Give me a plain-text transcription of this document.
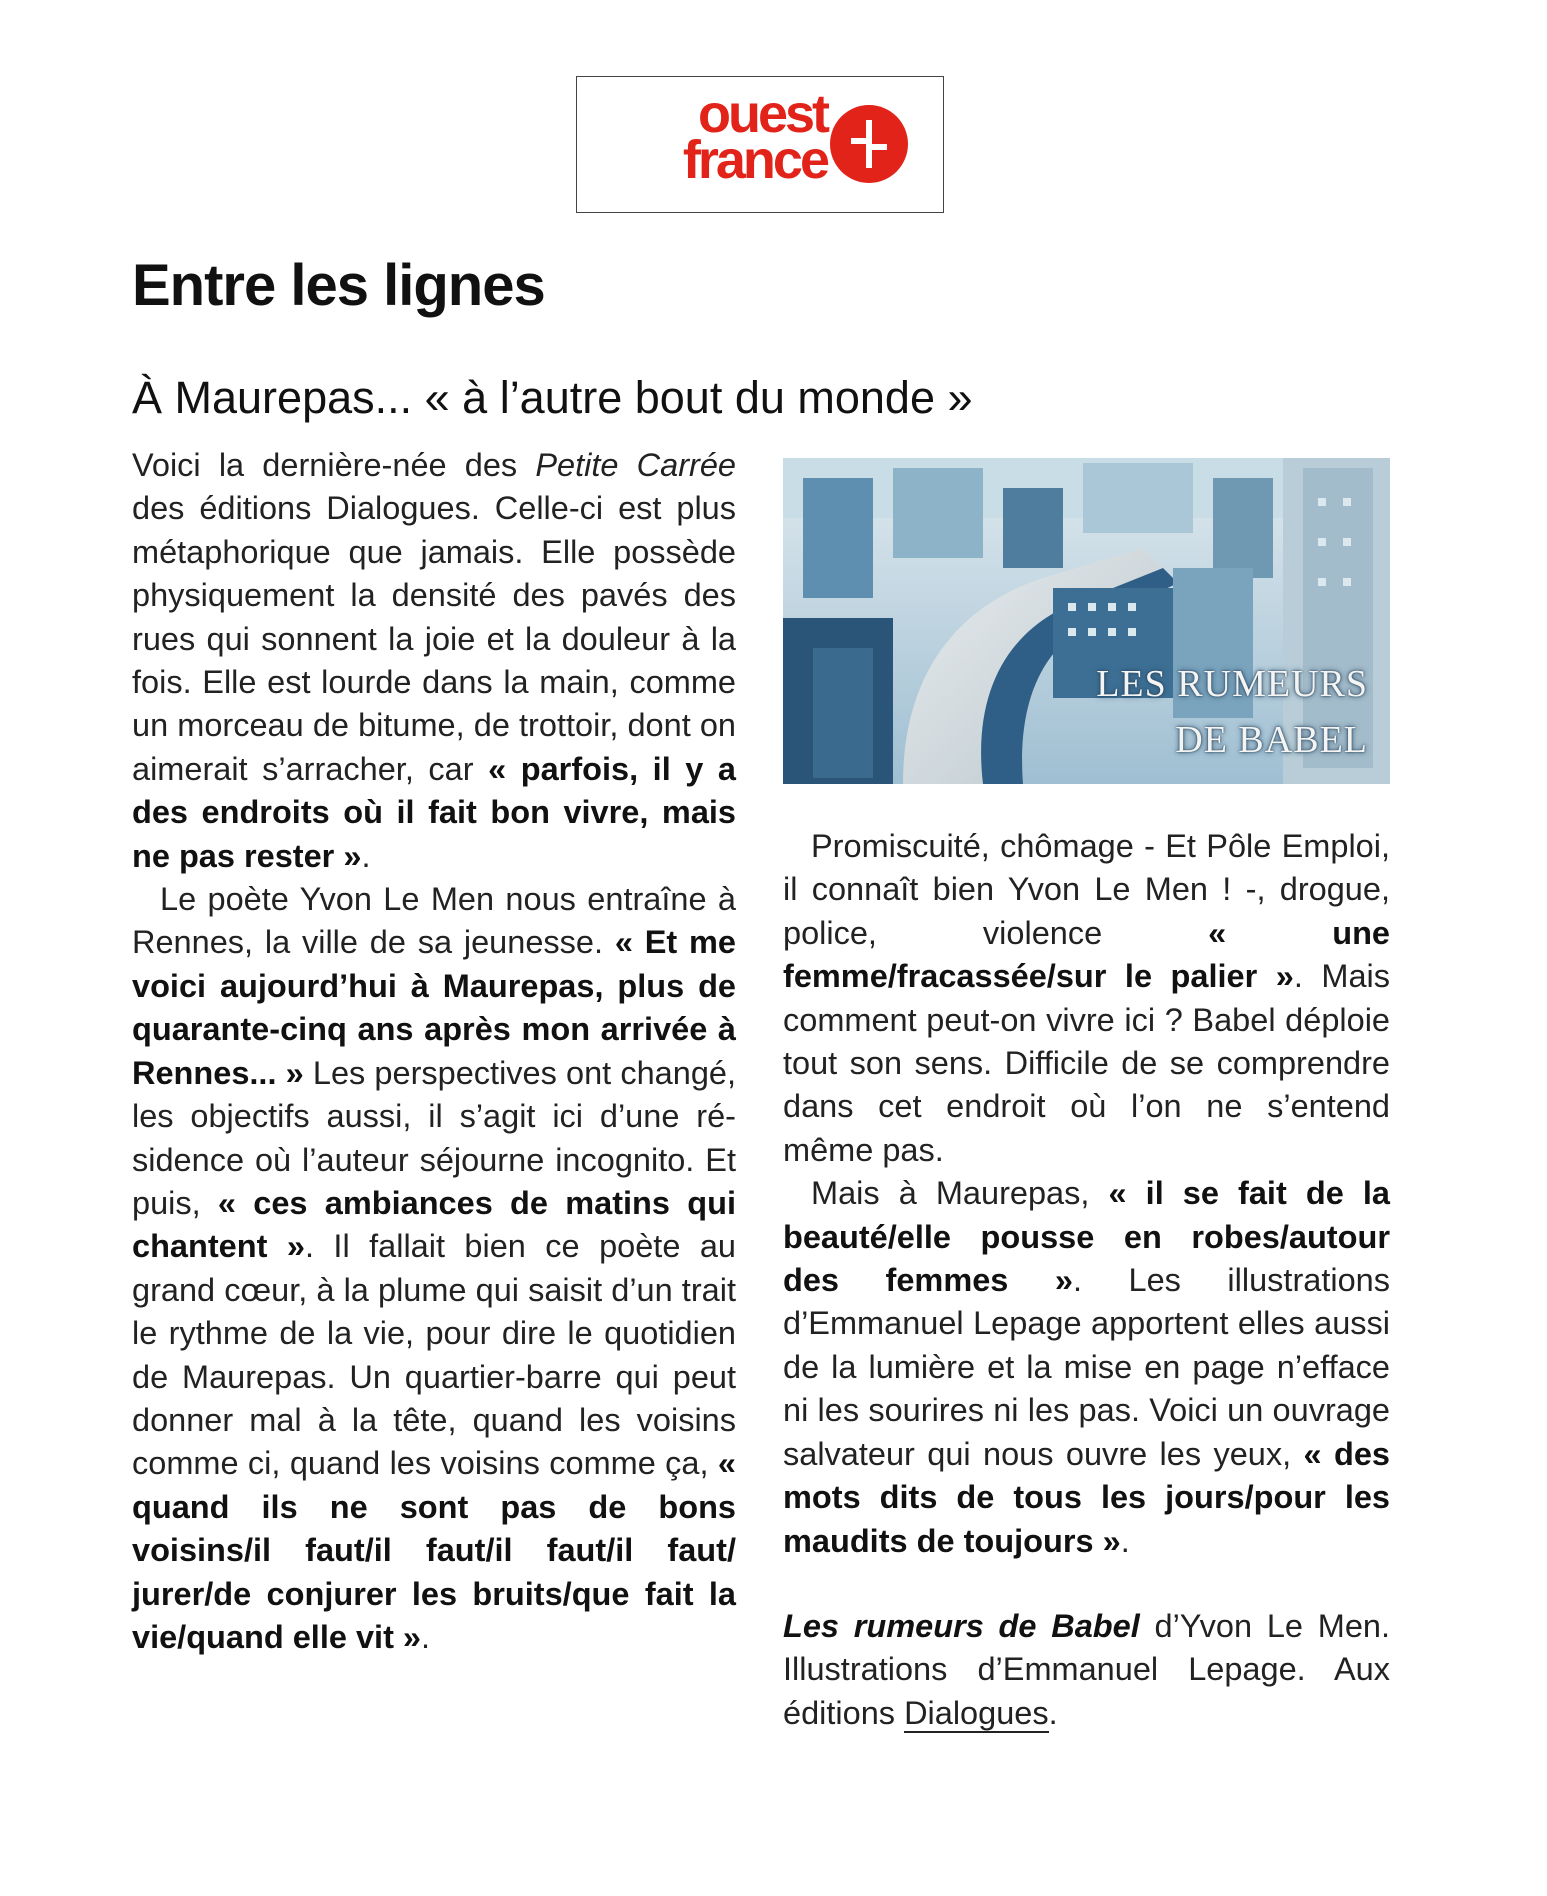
ouest
france
Entre les lignes
À Maurepas... « à l’autre bout du monde »

Voici la dernière-née des Petite Carrée des éditions Dialogues. Celle-ci est plus métaphorique que jamais. Elle possède physiquement la densité des pavés des rues qui sonnent la joie et la douleur à la fois. Elle est lourde dans la main, comme un morceau de bitume, de trottoir, dont on aimerait s’arracher, car « parfois, il y a des endroits où il fait bon vivre, mais ne pas rester ».

Le poète Yvon Le Men nous entraîne à Rennes, la ville de sa jeunesse. « Et me voici aujourd’hui à Maurepas, plus de quarante-cinq ans après mon arrivée à Rennes... » Les perspectives ont changé, les objectifs aussi, il s’agit ici d’une résidence où l’auteur séjourne incognito. Et puis, « ces ambiances de matins qui chantent ». Il fallait bien ce poète au grand cœur, à la plume qui saisit d’un trait le rythme de la vie, pour dire le quotidien de Maurepas. Un quartier-barre qui peut donner mal à la tête, quand les voisins comme ci, quand les voisins comme ça, « quand ils ne sont pas de bons voisins/il faut/il faut/il faut/il faut/ jurer/de conjurer les bruits/que fait la vie/quand elle vit ».

LES RUMEURS
DE BABEL

Promiscuité, chômage - Et Pôle Emploi, il connaît bien Yvon Le Men ! -, drogue, police, violence « une femme/fracassée/sur le palier ». Mais comment peut-on vivre ici ? Babel déploie tout son sens. Difficile de se comprendre dans cet endroit où l’on ne s’entend même pas.

Mais à Maurepas, « il se fait de la beauté/elle pousse en robes/autour des femmes ». Les illustrations d’Emmanuel Lepage apportent elles aussi de la lumière et la mise en page n’efface ni les sourires ni les pas. Voici un ouvrage salvateur qui nous ouvre les yeux, « des mots dits de tous les jours/pour les maudits de toujours ».

Les rumeurs de Babel d’Yvon Le Men. Illustrations d’Emmanuel Lepage. Aux éditions Dialogues.
